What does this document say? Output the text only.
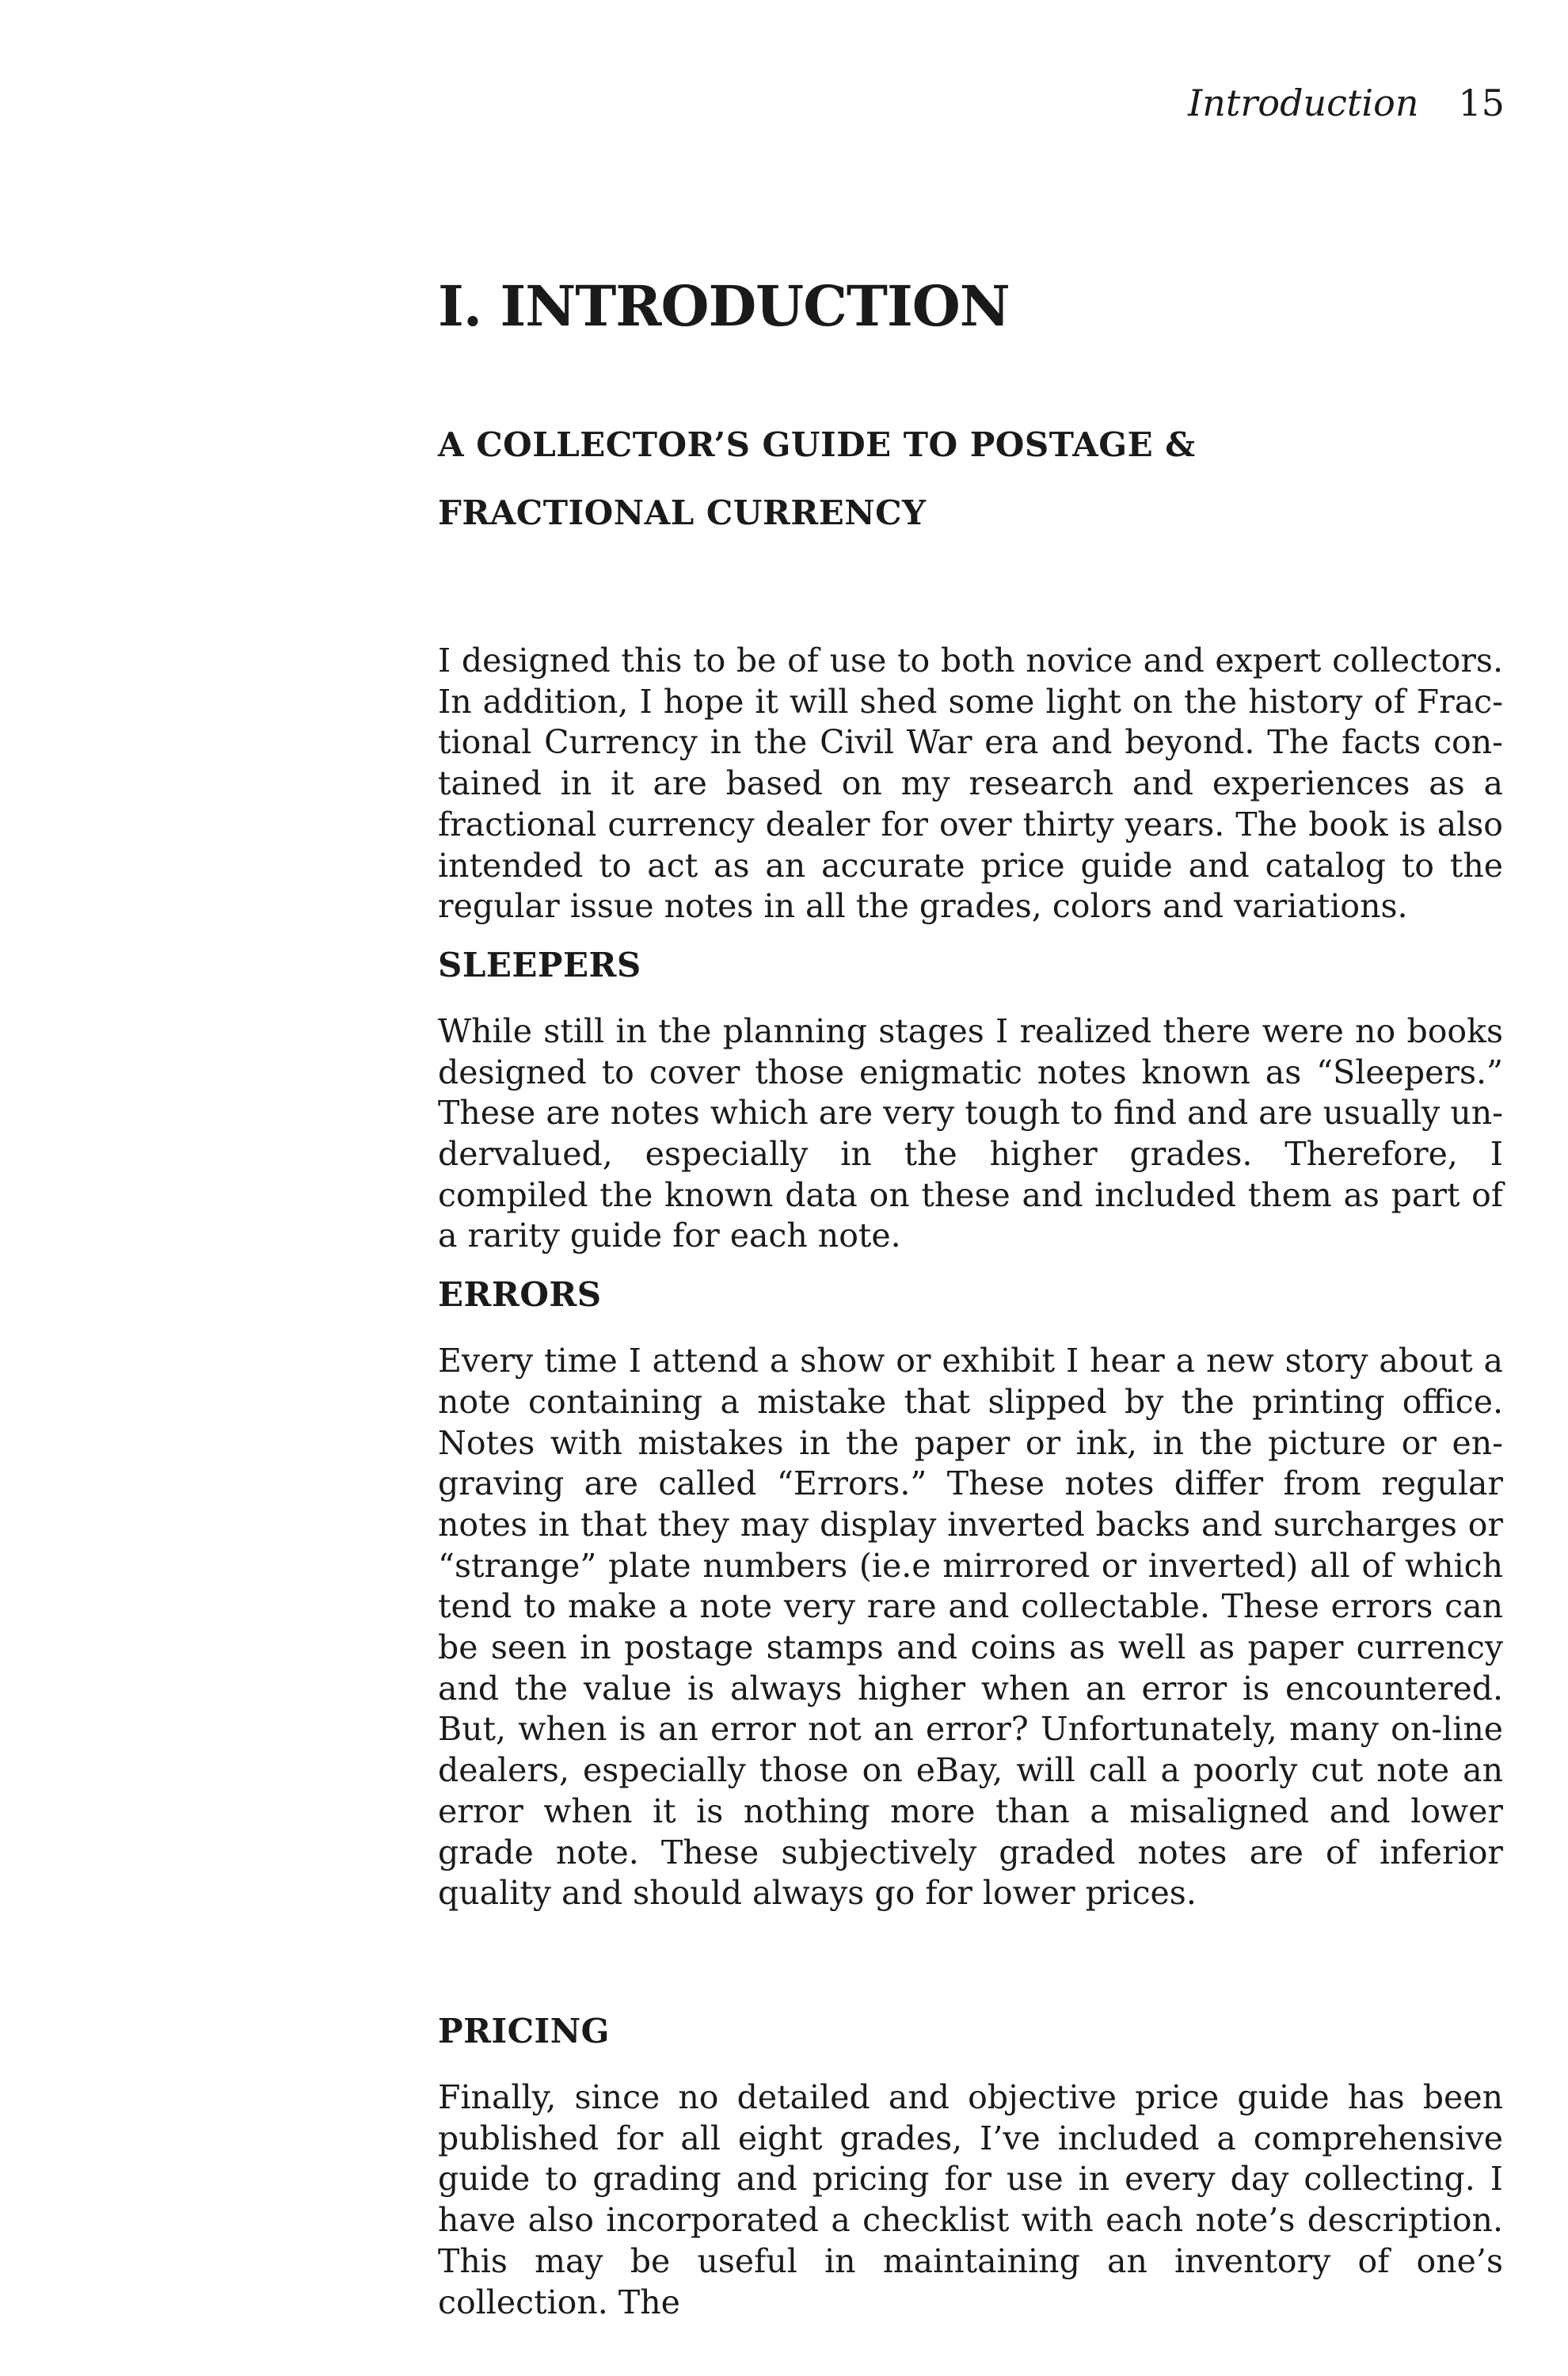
Introduction 15
I. INTRODUCTION
A COLLECTOR’S GUIDE TO POSTAGE &
FRACTIONAL CURRENCY

I designed this to be of use to both novice and expert collectors. In addition, I hope it will shed some light on the history of Fractional Currency in the Civil War era and beyond. The facts contained in it are based on my research and experiences as a fractional currency dealer for over thirty years. The book is also intended to act as an accurate price guide and catalog to the regular issue notes in all the grades, colors and variations.

SLEEPERS

While still in the planning stages I realized there were no books designed to cover those enigmatic notes known as “Sleepers.” These are notes which are very tough to find and are usually undervalued, especially in the higher grades. Therefore, I compiled the known data on these and included them as part of a rarity guide for each note.

ERRORS

Every time I attend a show or exhibit I hear a new story about a note containing a mistake that slipped by the printing office. Notes with mistakes in the paper or ink, in the picture or engraving are called “Errors.” These notes differ from regular notes in that they may display inverted backs and surcharges or “strange” plate numbers (ie.e mirrored or inverted) all of which tend to make a note very rare and collectable. These errors can be seen in postage stamps and coins as well as paper currency and the value is always higher when an error is encountered. But, when is an error not an error? Unfortunately, many on-line dealers, especially those on eBay, will call a poorly cut note an error when it is nothing more than a misaligned and lower grade note. These subjectively graded notes are of inferior quality and should always go for lower prices.

PRICING

Finally, since no detailed and objective price guide has been published for all eight grades, I’ve included a comprehensive guide to grading and pricing for use in every day collecting. I have also incorporated a checklist with each note’s description. This may be useful in maintaining an inventory of one’s collection. The
